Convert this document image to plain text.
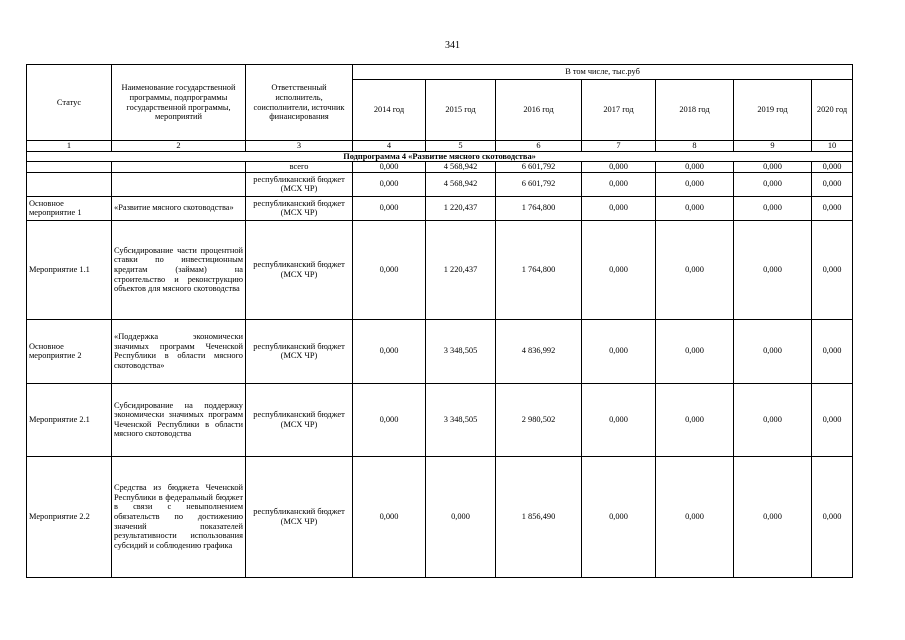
341
Статус	Наименование государственной программы, подпрограммы государственной программы, мероприятий	Ответственный исполнитель, соисполнители, источник финансирования	В том числе, тыс.руб						
			2014 год	2015 год	2016 год	2017 год	2018 год	2019 год	2020 год
1	2	3	4	5	6	7	8	9	10
Подпрограмма 4 «Развитие мясного скотоводства»									
		всего	0,000	4 568,942	6 601,792	0,000	0,000	0,000	0,000
		республиканский бюджет (МСХ ЧР)	0,000	4 568,942	6 601,792	0,000	0,000	0,000	0,000
Основное мероприятие 1	«Развитие мясного скотоводства»	республиканский бюджет (МСХ ЧР)	0,000	1 220,437	1 764,800	0,000	0,000	0,000	0,000
Мероприятие 1.1	Субсидирование части процентной ставки по инвестиционным кредитам (займам) на строительство и реконструкцию объектов для мясного скотоводства	республиканский бюджет (МСХ ЧР)	0,000	1 220,437	1 764,800	0,000	0,000	0,000	0,000
Основное мероприятие 2	«Поддержка экономически значимых программ Чеченской Республики в области мясного скотоводства»	республиканский бюджет (МСХ ЧР)	0,000	3 348,505	4 836,992	0,000	0,000	0,000	0,000
Мероприятие 2.1	Субсидирование на поддержку экономически значимых программ Чеченской Республики в области мясного скотоводства	республиканский бюджет (МСХ ЧР)	0,000	3 348,505	2 980,502	0,000	0,000	0,000	0,000
Мероприятие 2.2	Средства из бюджета Чеченской Республики в федеральный бюджет в связи с невыполнением обязательств по достижению значений показателей результативности использования субсидий и соблюдению графика	республиканский бюджет (МСХ ЧР)	0,000	0,000	1 856,490	0,000	0,000	0,000	0,000
